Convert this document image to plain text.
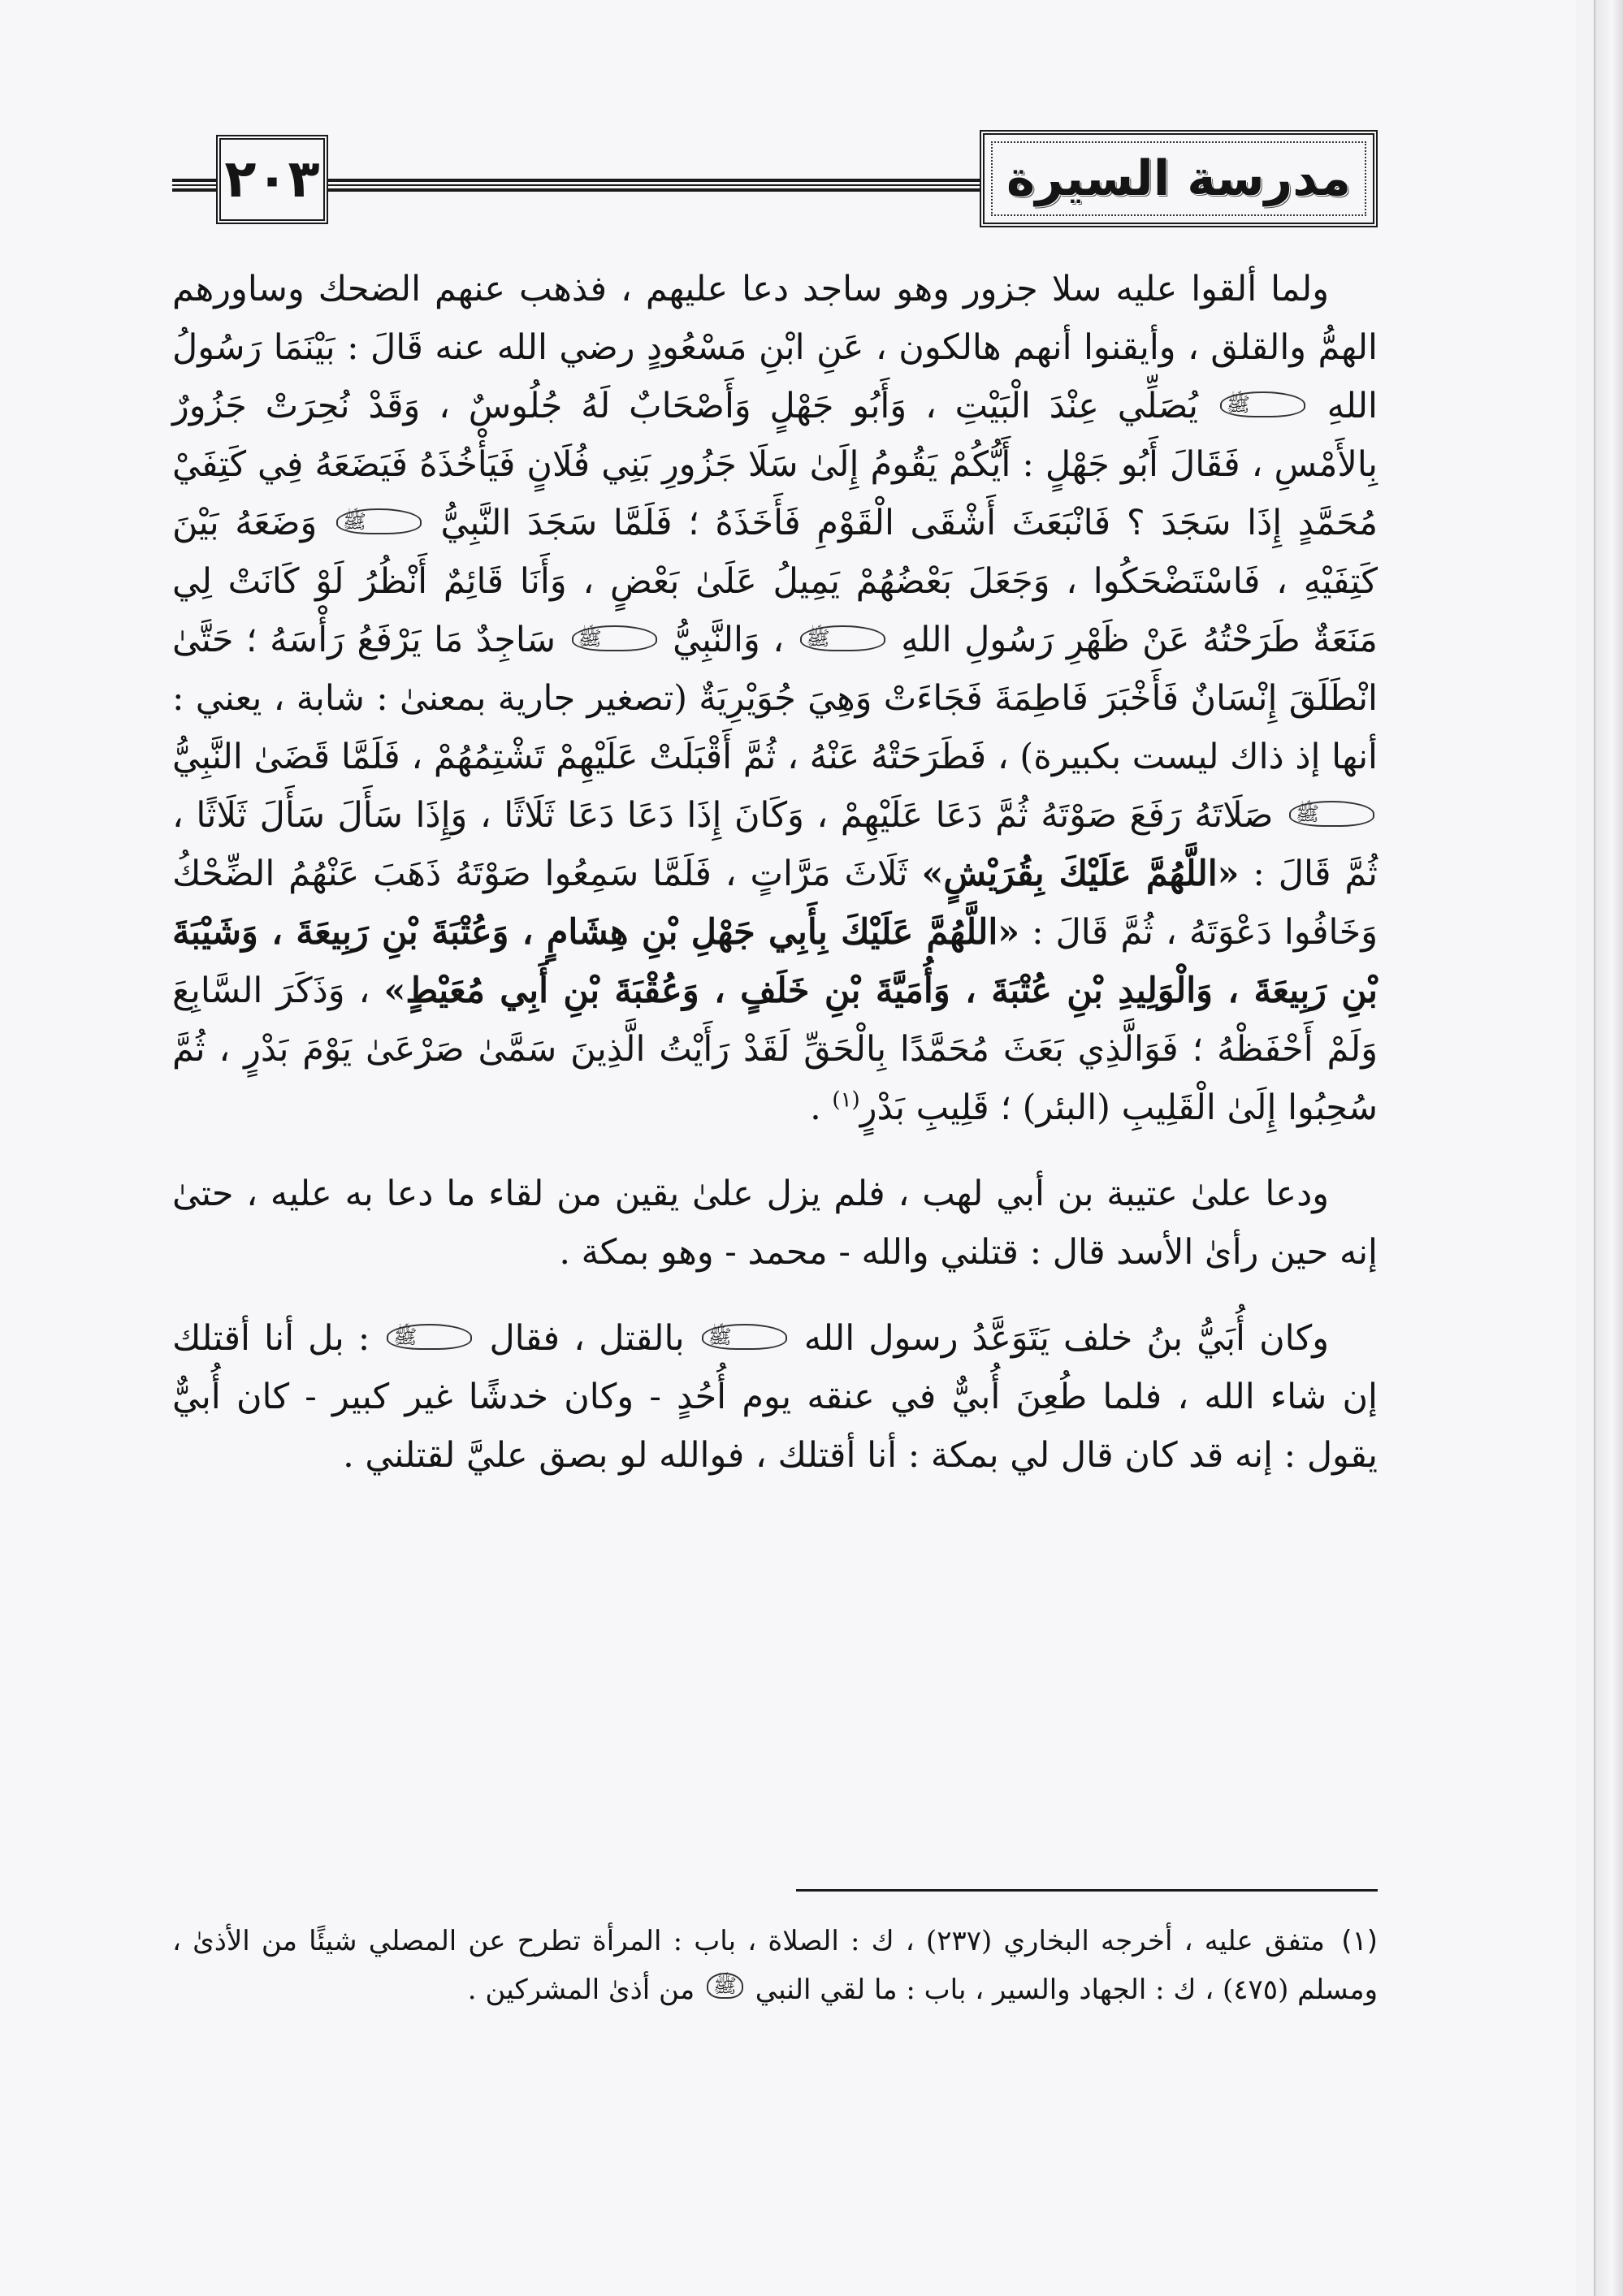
٢٠٣	مدرسة السيرة

ولما ألقوا عليه سلا جزور وهو ساجد دعا عليهم ، فذهب عنهم الضحك وساورهم الهمُّ والقلق ، وأيقنوا أنهم هالكون ، عَنِ ابْنِ مَسْعُودٍ رضي الله عنه قَالَ : بَيْنَمَا رَسُولُ اللهِ ﷺ يُصَلِّي عِنْدَ الْبَيْتِ ، وَأَبُو جَهْلٍ وَأَصْحَابٌ لَهُ جُلُوسٌ ، وَقَدْ نُحِرَتْ جَزُورٌ بِالأَمْسِ ، فَقَالَ أَبُو جَهْلٍ : أَيُّكُمْ يَقُومُ إِلَىٰ سَلَا جَزُورِ بَنِي فُلَانٍ فَيَأْخُذَهُ فَيَضَعَهُ فِي كَتِفَيْ مُحَمَّدٍ إِذَا سَجَدَ ؟ فَانْبَعَثَ أَشْقَى الْقَوْمِ فَأَخَذَهُ ؛ فَلَمَّا سَجَدَ النَّبِيُّ ﷺ وَضَعَهُ بَيْنَ كَتِفَيْهِ ، فَاسْتَضْحَكُوا ، وَجَعَلَ بَعْضُهُمْ يَمِيلُ عَلَىٰ بَعْضٍ ، وَأَنَا قَائِمٌ أَنْظُرُ لَوْ كَانَتْ لِي مَنَعَةٌ طَرَحْتُهُ عَنْ ظَهْرِ رَسُولِ اللهِ ﷺ ، وَالنَّبِيُّ ﷺ سَاجِدٌ مَا يَرْفَعُ رَأْسَهُ ؛ حَتَّىٰ انْطَلَقَ إِنْسَانٌ فَأَخْبَرَ فَاطِمَةَ فَجَاءَتْ وَهِيَ جُوَيْرِيَةٌ (تصغير جارية بمعنىٰ : شابة ، يعني : أنها إذ ذاك ليست بكبيرة) ، فَطَرَحَتْهُ عَنْهُ ، ثُمَّ أَقْبَلَتْ عَلَيْهِمْ تَشْتِمُهُمْ ، فَلَمَّا قَضَىٰ النَّبِيُّ ﷺ صَلَاتَهُ رَفَعَ صَوْتَهُ ثُمَّ دَعَا عَلَيْهِمْ ، وَكَانَ إِذَا دَعَا دَعَا ثَلَاثًا ، وَإِذَا سَأَلَ سَأَلَ ثَلَاثًا ، ثُمَّ قَالَ : «اللَّهُمَّ عَلَيْكَ بِقُرَيْشٍ» ثَلَاثَ مَرَّاتٍ ، فَلَمَّا سَمِعُوا صَوْتَهُ ذَهَبَ عَنْهُمُ الضِّحْكُ وَخَافُوا دَعْوَتَهُ ، ثُمَّ قَالَ : «اللَّهُمَّ عَلَيْكَ بِأَبِي جَهْلِ بْنِ هِشَامٍ ، وَعُتْبَةَ بْنِ رَبِيعَةَ ، وَشَيْبَةَ بْنِ رَبِيعَةَ ، وَالْوَلِيدِ بْنِ عُتْبَةَ ، وَأُمَيَّةَ بْنِ خَلَفٍ ، وَعُقْبَةَ بْنِ أَبِي مُعَيْطٍ» ، وَذَكَرَ السَّابِعَ وَلَمْ أَحْفَظْهُ ؛ فَوَالَّذِي بَعَثَ مُحَمَّدًا بِالْحَقِّ لَقَدْ رَأَيْتُ الَّذِينَ سَمَّىٰ صَرْعَىٰ يَوْمَ بَدْرٍ ، ثُمَّ سُحِبُوا إِلَىٰ الْقَلِيبِ (البئر) ؛ قَلِيبِ بَدْرٍ$^{(١)}$ .

ودعا علىٰ عتيبة بن أبي لهب ، فلم يزل علىٰ يقين من لقاء ما دعا به عليه ، حتىٰ إنه حين رأىٰ الأسد قال : قتلني والله - محمد - وهو بمكة .

وكان أُبَيُّ بنُ خلف يَتَوَعَّدُ رسول الله ﷺ بالقتل ، فقال ﷺ : بل أنا أقتلك إن شاء الله ، فلما طُعِنَ أُبيٌّ في عنقه يوم أُحُدٍ - وكان خدشًا غير كبير - كان أُبيٌّ يقول : إنه قد كان قال لي بمكة : أنا أقتلك ، فوالله لو بصق عليَّ لقتلني .

(١) متفق عليه ، أخرجه البخاري (٢٣٧) ، ك : الصلاة ، باب : المرأة تطرح عن المصلي شيئًا من الأذىٰ ، ومسلم (٤٧٥) ، ك : الجهاد والسير ، باب : ما لقي النبي ﷺ من أذىٰ المشركين .
